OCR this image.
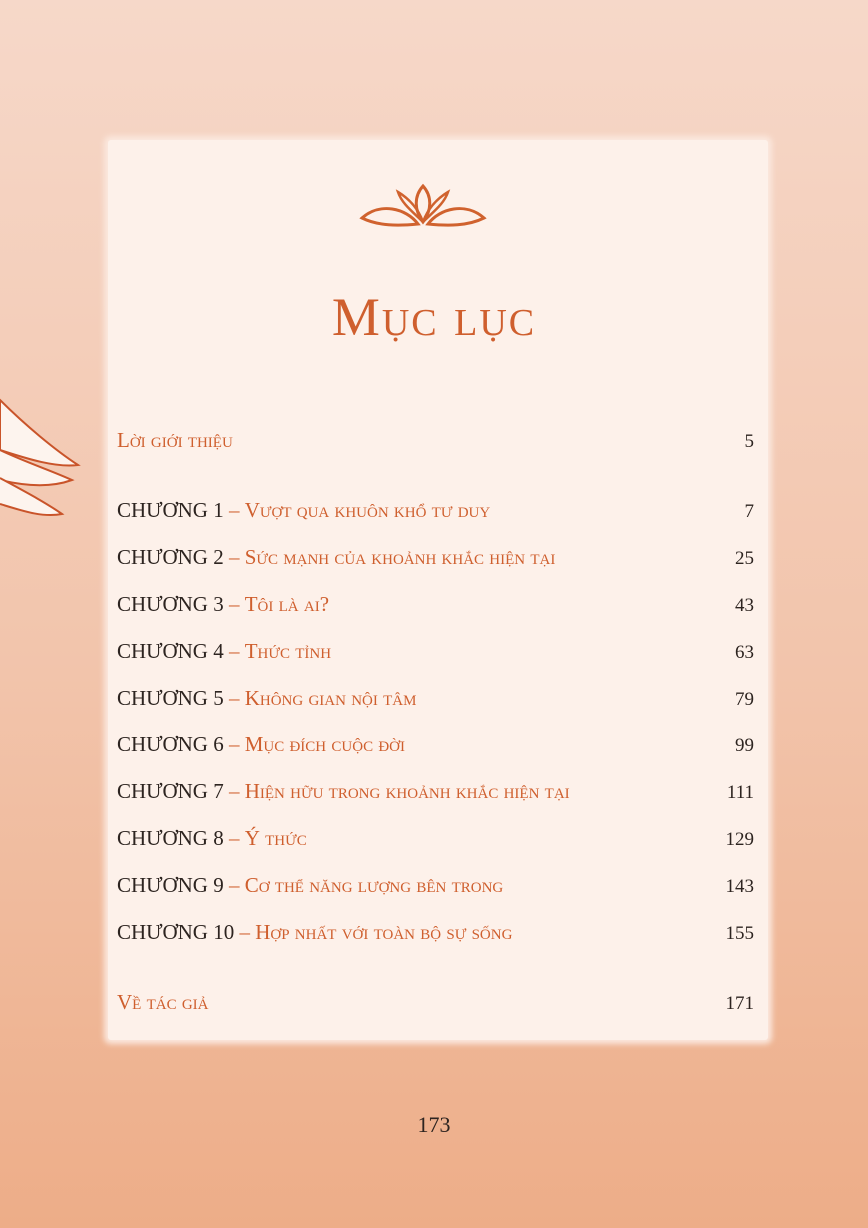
Mục lục
Lời giới thiệu	5
CHƯƠNG 1 – Vượt qua khuôn khổ tư duy	7
CHƯƠNG 2 – Sức mạnh của khoảnh khắc hiện tại	25
CHƯƠNG 3 – Tôi là ai?	43
CHƯƠNG 4 – Thức tỉnh	63
CHƯƠNG 5 – Không gian nội tâm	79
CHƯƠNG 6 – Mục đích cuộc đời	99
CHƯƠNG 7 – Hiện hữu trong khoảnh khắc hiện tại	111
CHƯƠNG 8 – Ý thức	129
CHƯƠNG 9 – Cơ thể năng lượng bên trong	143
CHƯƠNG 10 – Hợp nhất với toàn bộ sự sống	155
Về tác giả	171
173
